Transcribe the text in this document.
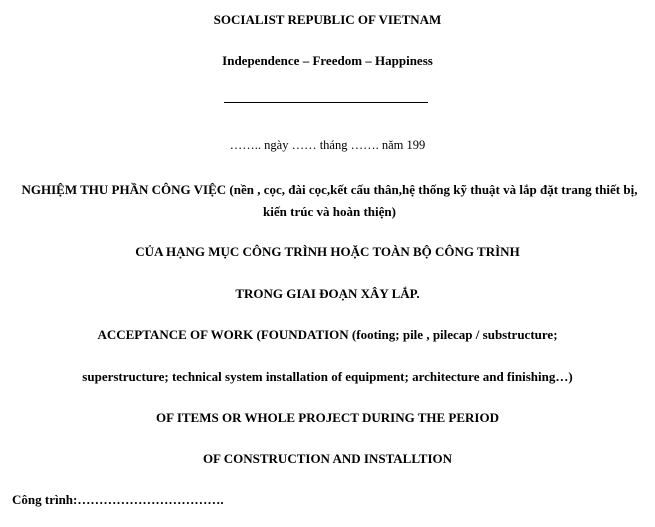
SOCIALIST REPUBLIC OF VIETNAM
Independence – Freedom – Happiness
…….. ngày …… tháng ……. năm 199
NGHIỆM THU PHẦN CÔNG VIỆC (nền , cọc, đài cọc,kết cấu thân,hệ thống kỹ thuật và lắp đặt trang thiết bị, kiến trúc và hoàn thiện)
CỦA HẠNG MỤC CÔNG TRÌNH HOẶC TOÀN BỘ CÔNG TRÌNH
TRONG GIAI ĐOẠN XÂY LẮP.
ACCEPTANCE OF WORK (FOUNDATION (footing; pile , pilecap / substructure;
superstructure; technical system installation of equipment; architecture and finishing…)
OF ITEMS OR WHOLE PROJECT DURING THE PERIOD
OF CONSTRUCTION AND INSTALLTION
Công trình:…………………………….
